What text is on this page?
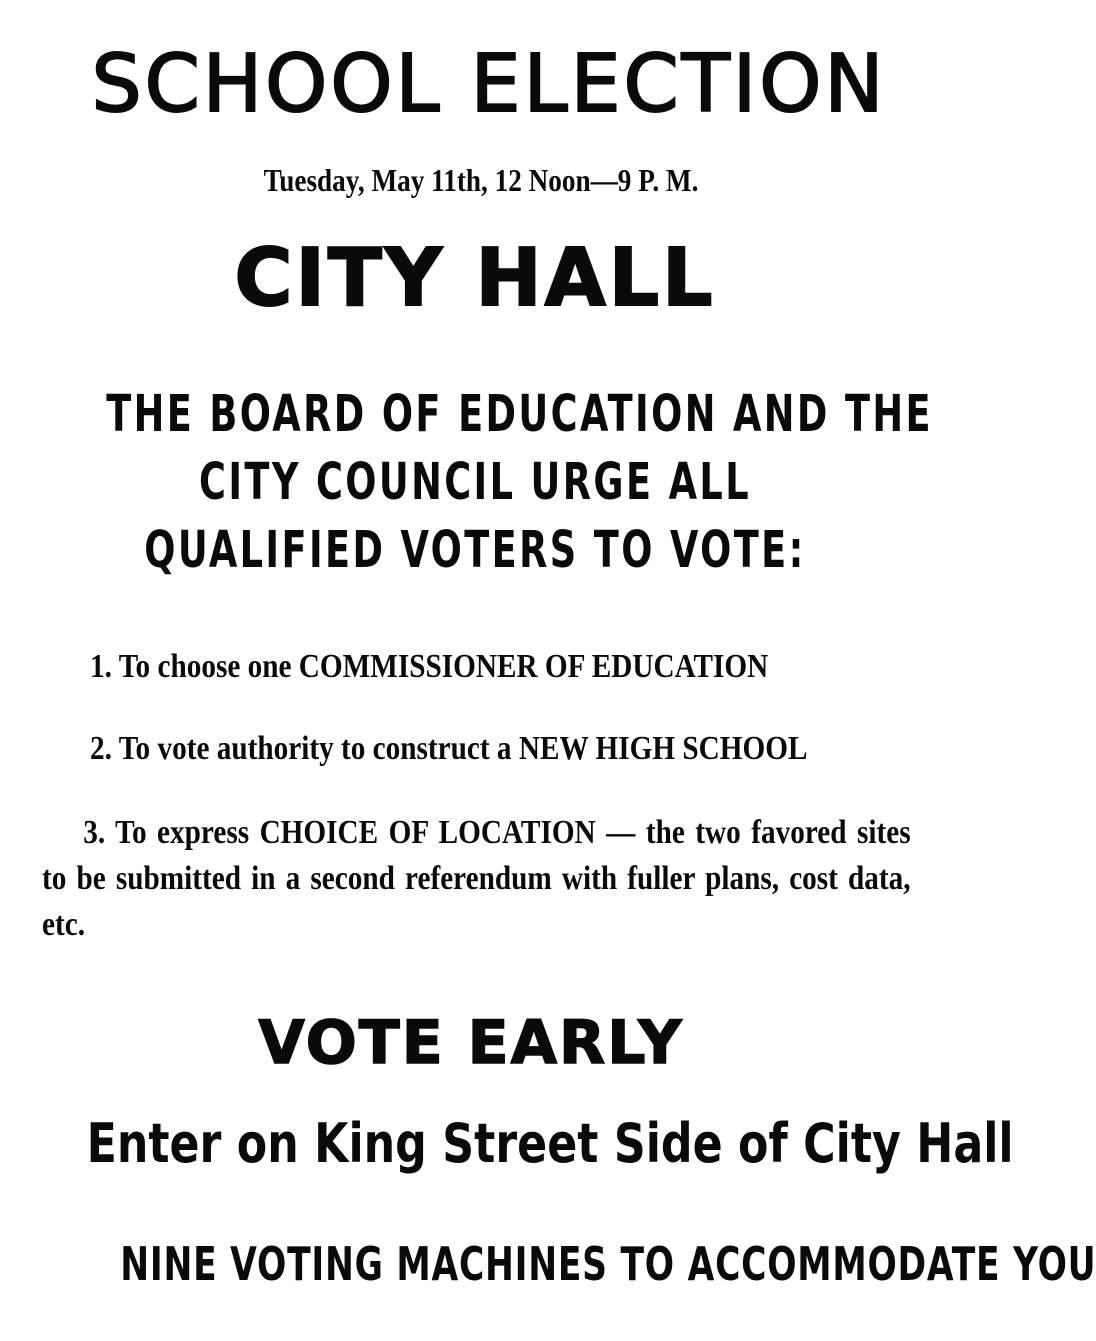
SCHOOL ELECTION

Tuesday, May 11th, 12 Noon—9 P. M.

CITY HALL

THE BOARD OF EDUCATION AND THE

CITY COUNCIL URGE ALL

QUALIFIED VOTERS TO VOTE:

1. To choose one COMMISSIONER OF EDUCATION

2. To vote authority to construct a NEW HIGH SCHOOL

3. To express CHOICE OF LOCATION — the two favored sites to be submitted in a second referendum with fuller plans, cost data, etc.

VOTE EARLY

Enter on King Street Side of City Hall

NINE VOTING MACHINES TO ACCOMMODATE YOU
